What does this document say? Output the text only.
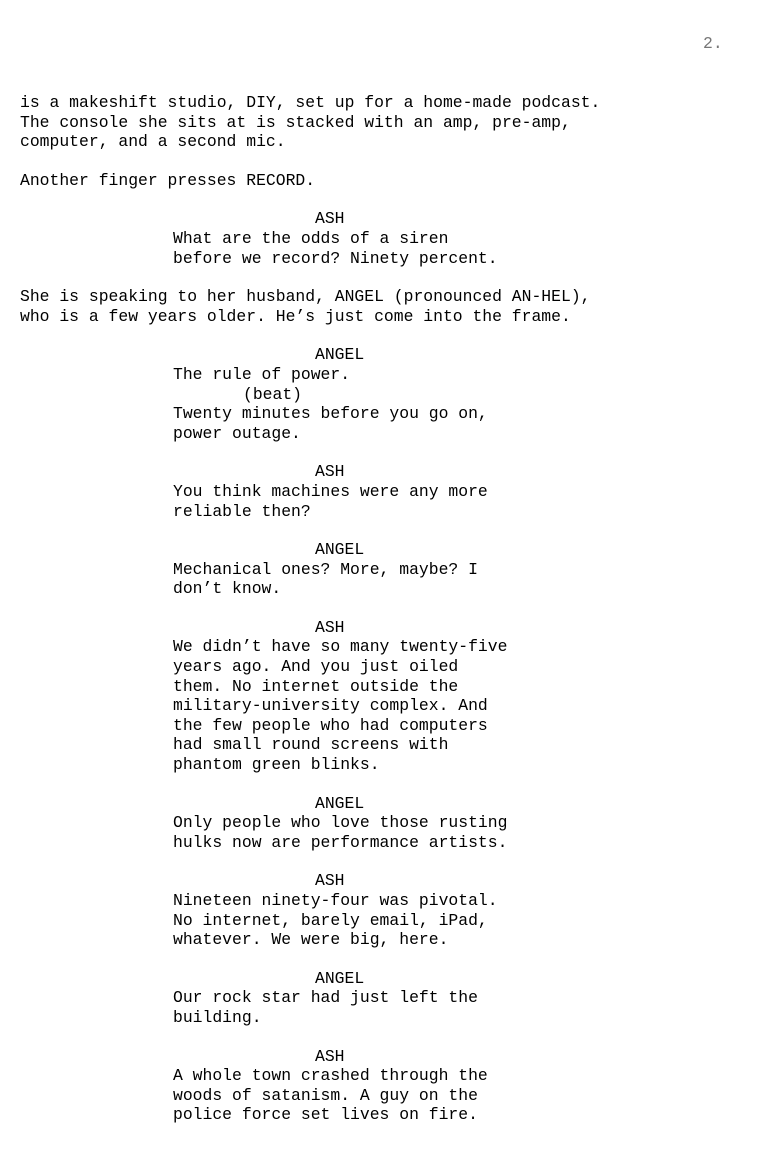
2.
is a makeshift studio, DIY, set up for a home-made podcast.
The console she sits at is stacked with an amp, pre-amp,
computer, and a second mic.
Another finger presses RECORD.
ASH
What are the odds of a siren
before we record? Ninety percent.
She is speaking to her husband, ANGEL (pronounced AN-HEL),
who is a few years older. He’s just come into the frame.
ANGEL
The rule of power.
(beat)
Twenty minutes before you go on,
power outage.
ASH
You think machines were any more
reliable then?
ANGEL
Mechanical ones? More, maybe? I
don’t know.
ASH
We didn’t have so many twenty-five
years ago. And you just oiled
them. No internet outside the
military-university complex. And
the few people who had computers
had small round screens with
phantom green blinks.
ANGEL
Only people who love those rusting
hulks now are performance artists.
ASH
Nineteen ninety-four was pivotal.
No internet, barely email, iPad,
whatever. We were big, here.
ANGEL
Our rock star had just left the
building.
ASH
A whole town crashed through the
woods of satanism. A guy on the
police force set lives on fire.
